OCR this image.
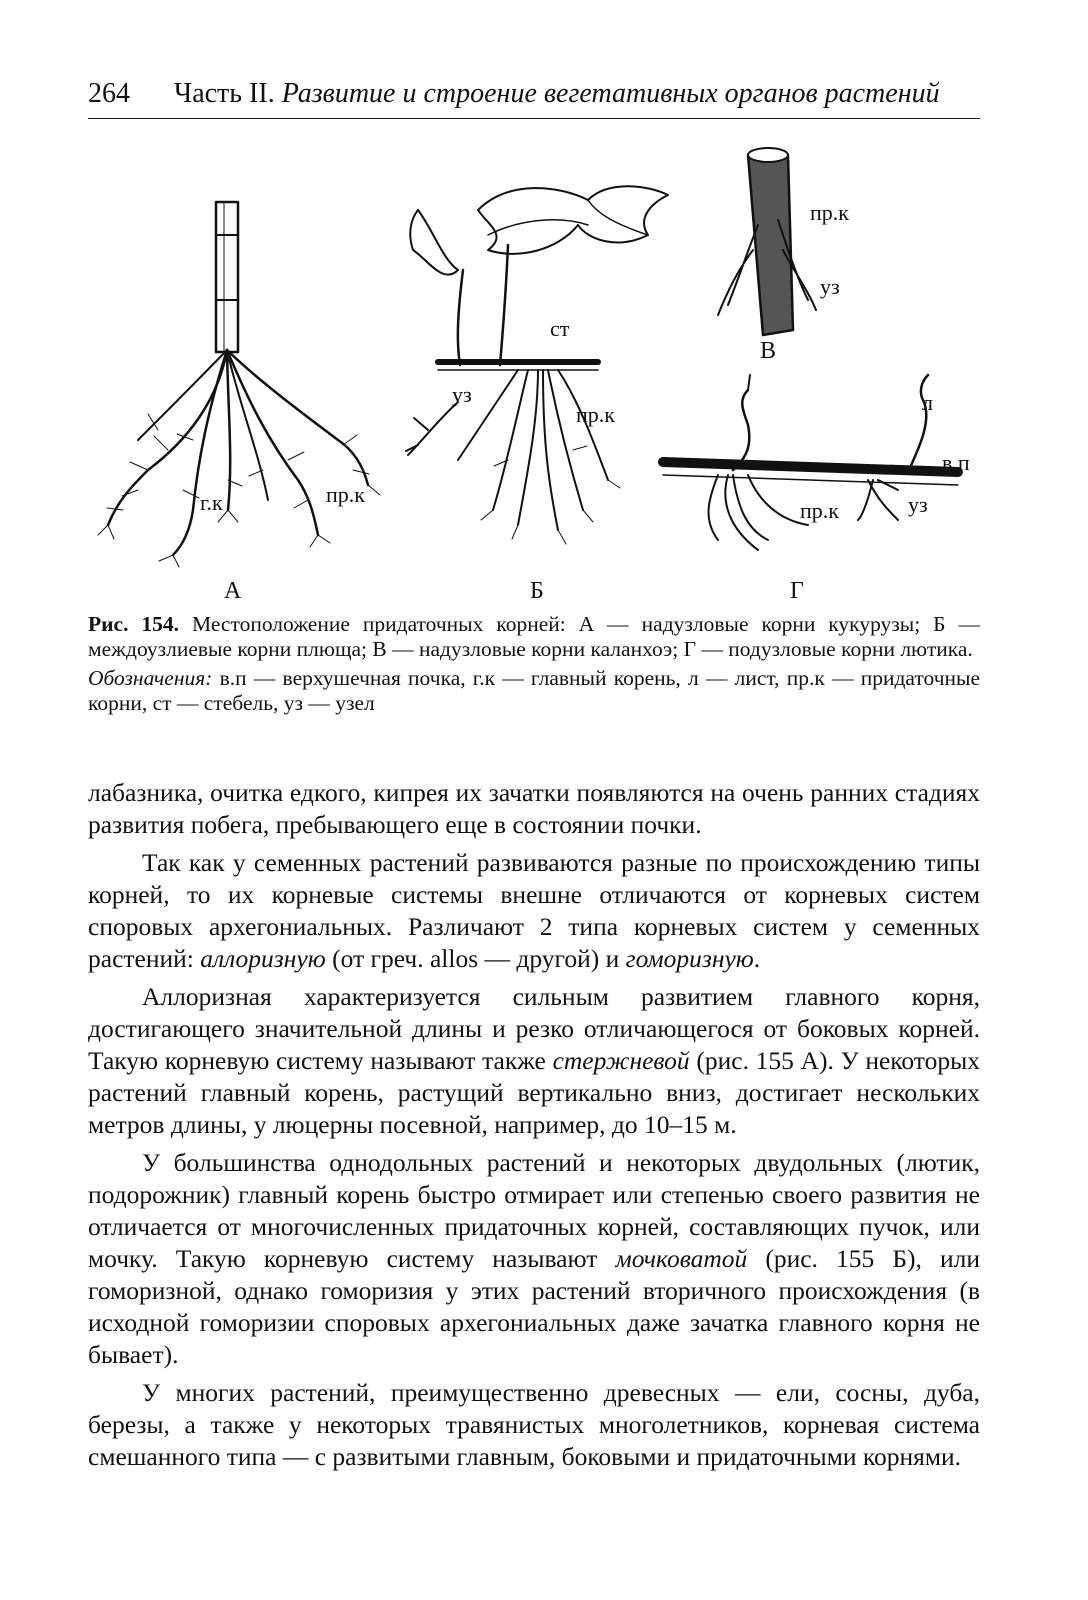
264 Часть II. Развитие и строение вегетативных органов растений
г.к	пр.к
ст
уз
пр.к
пр.к
уз
л
в.п
пр.к	уз
А	Б
В
Г

Рис. 154. Местоположение придаточных корней: А — надузловые корни кукурузы; Б — междоузлиевые корни плюща; В — надузловые корни каланхоэ; Г — подузловые корни лютика.

Обозначения: в.п — верхушечная почка, г.к — главный корень, л — лист, пр.к — придаточные корни, ст — стебель, уз — узел

лабазника, очитка едкого, кипрея их зачатки появляются на очень ранних стадиях развития побега, пребывающего еще в состоянии почки.

Так как у семенных растений развиваются разные по происхождению типы корней, то их корневые системы внешне отличаются от корневых систем споровых архегониальных. Различают 2 типа корневых систем у семенных растений: аллоризную (от греч. allos — другой) и гоморизную.

Аллоризная характеризуется сильным развитием главного корня, достигающего значительной длины и резко отличающегося от боковых корней. Такую корневую систему называют также стержневой (рис. 155 А). У некоторых растений главный корень, растущий вертикально вниз, достигает нескольких метров длины, у люцерны посевной, например, до 10–15 м.

У большинства однодольных растений и некоторых двудольных (лютик, подорожник) главный корень быстро отмирает или степенью своего развития не отличается от многочисленных придаточных корней, составляющих пучок, или мочку. Такую корневую систему называют мочковатой (рис. 155 Б), или гоморизной, однако гоморизия у этих растений вторичного происхождения (в исходной гоморизии споровых архегониальных даже зачатка главного корня не бывает).

У многих растений, преимущественно древесных — ели, сосны, дуба, березы, а также у некоторых травянистых многолетников, корневая система смешанного типа — с развитыми главным, боковыми и придаточными корнями.
